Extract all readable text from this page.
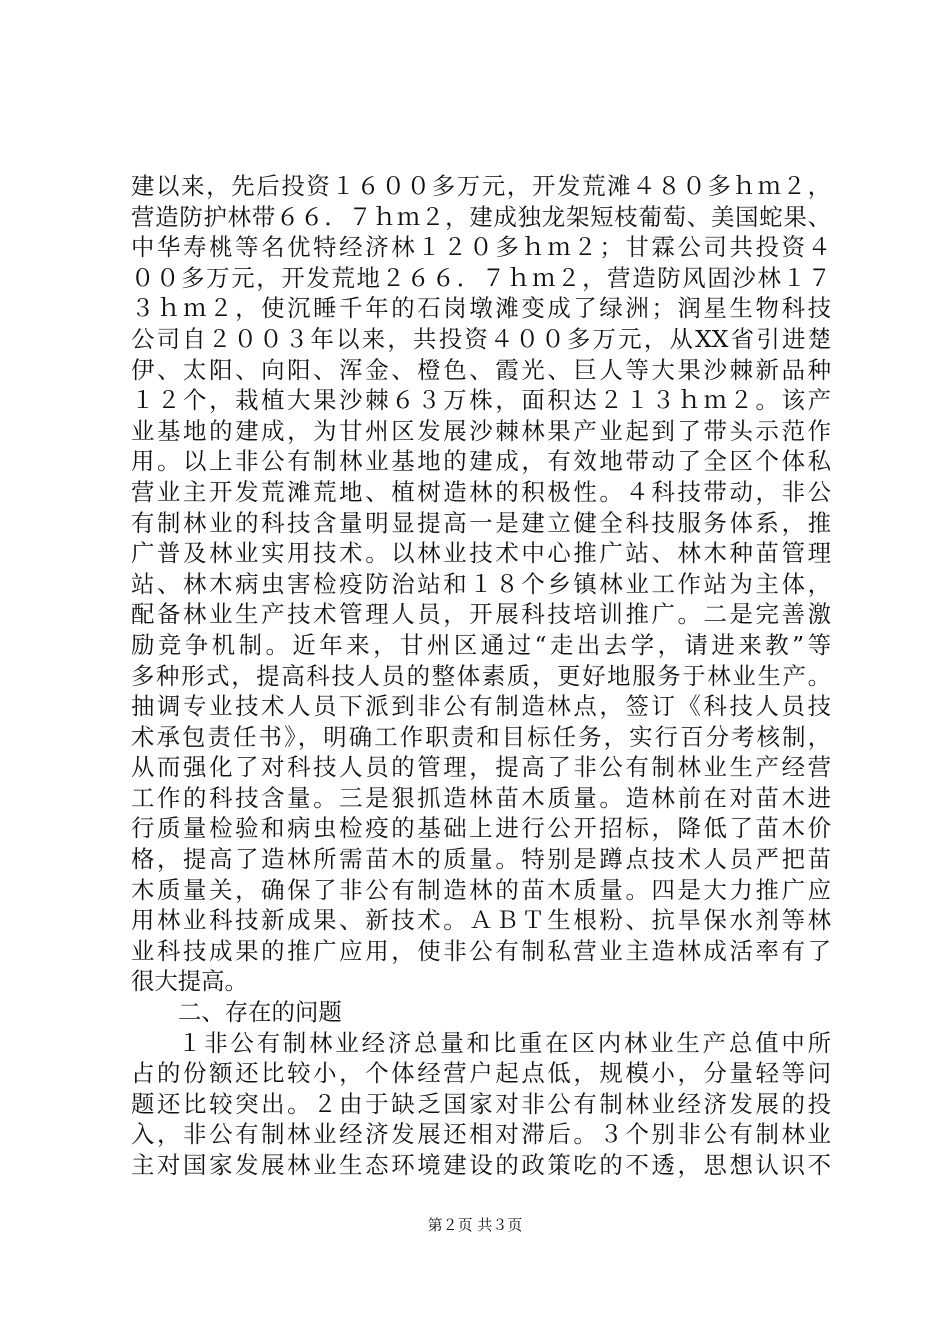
建以来，先后投资１６００多万元，开发荒滩４８０多ｈｍ２，
营造防护林带６６．７ｈｍ２，建成独龙架短枝葡萄、美国蛇果、
中华寿桃等名优特经济林１２０多ｈｍ２；甘霖公司共投资４
００多万元，开发荒地２６６．７ｈｍ２，营造防风固沙林１７
３ｈｍ２，使沉睡千年的石岗墩滩变成了绿洲；润星生物科技
公司自２００３年以来，共投资４００多万元，从XX省引进楚
伊、太阳、向阳、浑金、橙色、霞光、巨人等大果沙棘新品种
１２个，栽植大果沙棘６３万株，面积达２１３ｈｍ２。该产
业基地的建成，为甘州区发展沙棘林果产业起到了带头示范作
用。以上非公有制林业基地的建成，有效地带动了全区个体私
营业主开发荒滩荒地、植树造林的积极性。４科技带动，非公
有制林业的科技含量明显提高一是建立健全科技服务体系，推
广普及林业实用技术。以林业技术中心推广站、林木种苗管理
站、林木病虫害检疫防治站和１８个乡镇林业工作站为主体，
配备林业生产技术管理人员，开展科技培训推广。二是完善激
励竞争机制。近年来，甘州区通过“走出去学，请进来教”等
多种形式，提高科技人员的整体素质，更好地服务于林业生产。
抽调专业技术人员下派到非公有制造林点，签订《科技人员技
术承包责任书》，明确工作职责和目标任务，实行百分考核制，
从而强化了对科技人员的管理，提高了非公有制林业生产经营
工作的科技含量。三是狠抓造林苗木质量。造林前在对苗木进
行质量检验和病虫检疫的基础上进行公开招标，降低了苗木价
格，提高了造林所需苗木的质量。特别是蹲点技术人员严把苗
木质量关，确保了非公有制造林的苗木质量。四是大力推广应
用林业科技新成果、新技术。ＡＢＴ生根粉、抗旱保水剂等林
业科技成果的推广应用，使非公有制私营业主造林成活率有了
很大提高。
二、存在的问题
１非公有制林业经济总量和比重在区内林业生产总值中所
占的份额还比较小，个体经营户起点低，规模小，分量轻等问
题还比较突出。２由于缺乏国家对非公有制林业经济发展的投
入，非公有制林业经济发展还相对滞后。３个别非公有制林业
主对国家发展林业生态环境建设的政策吃的不透，思想认识不
第２页 共３页
